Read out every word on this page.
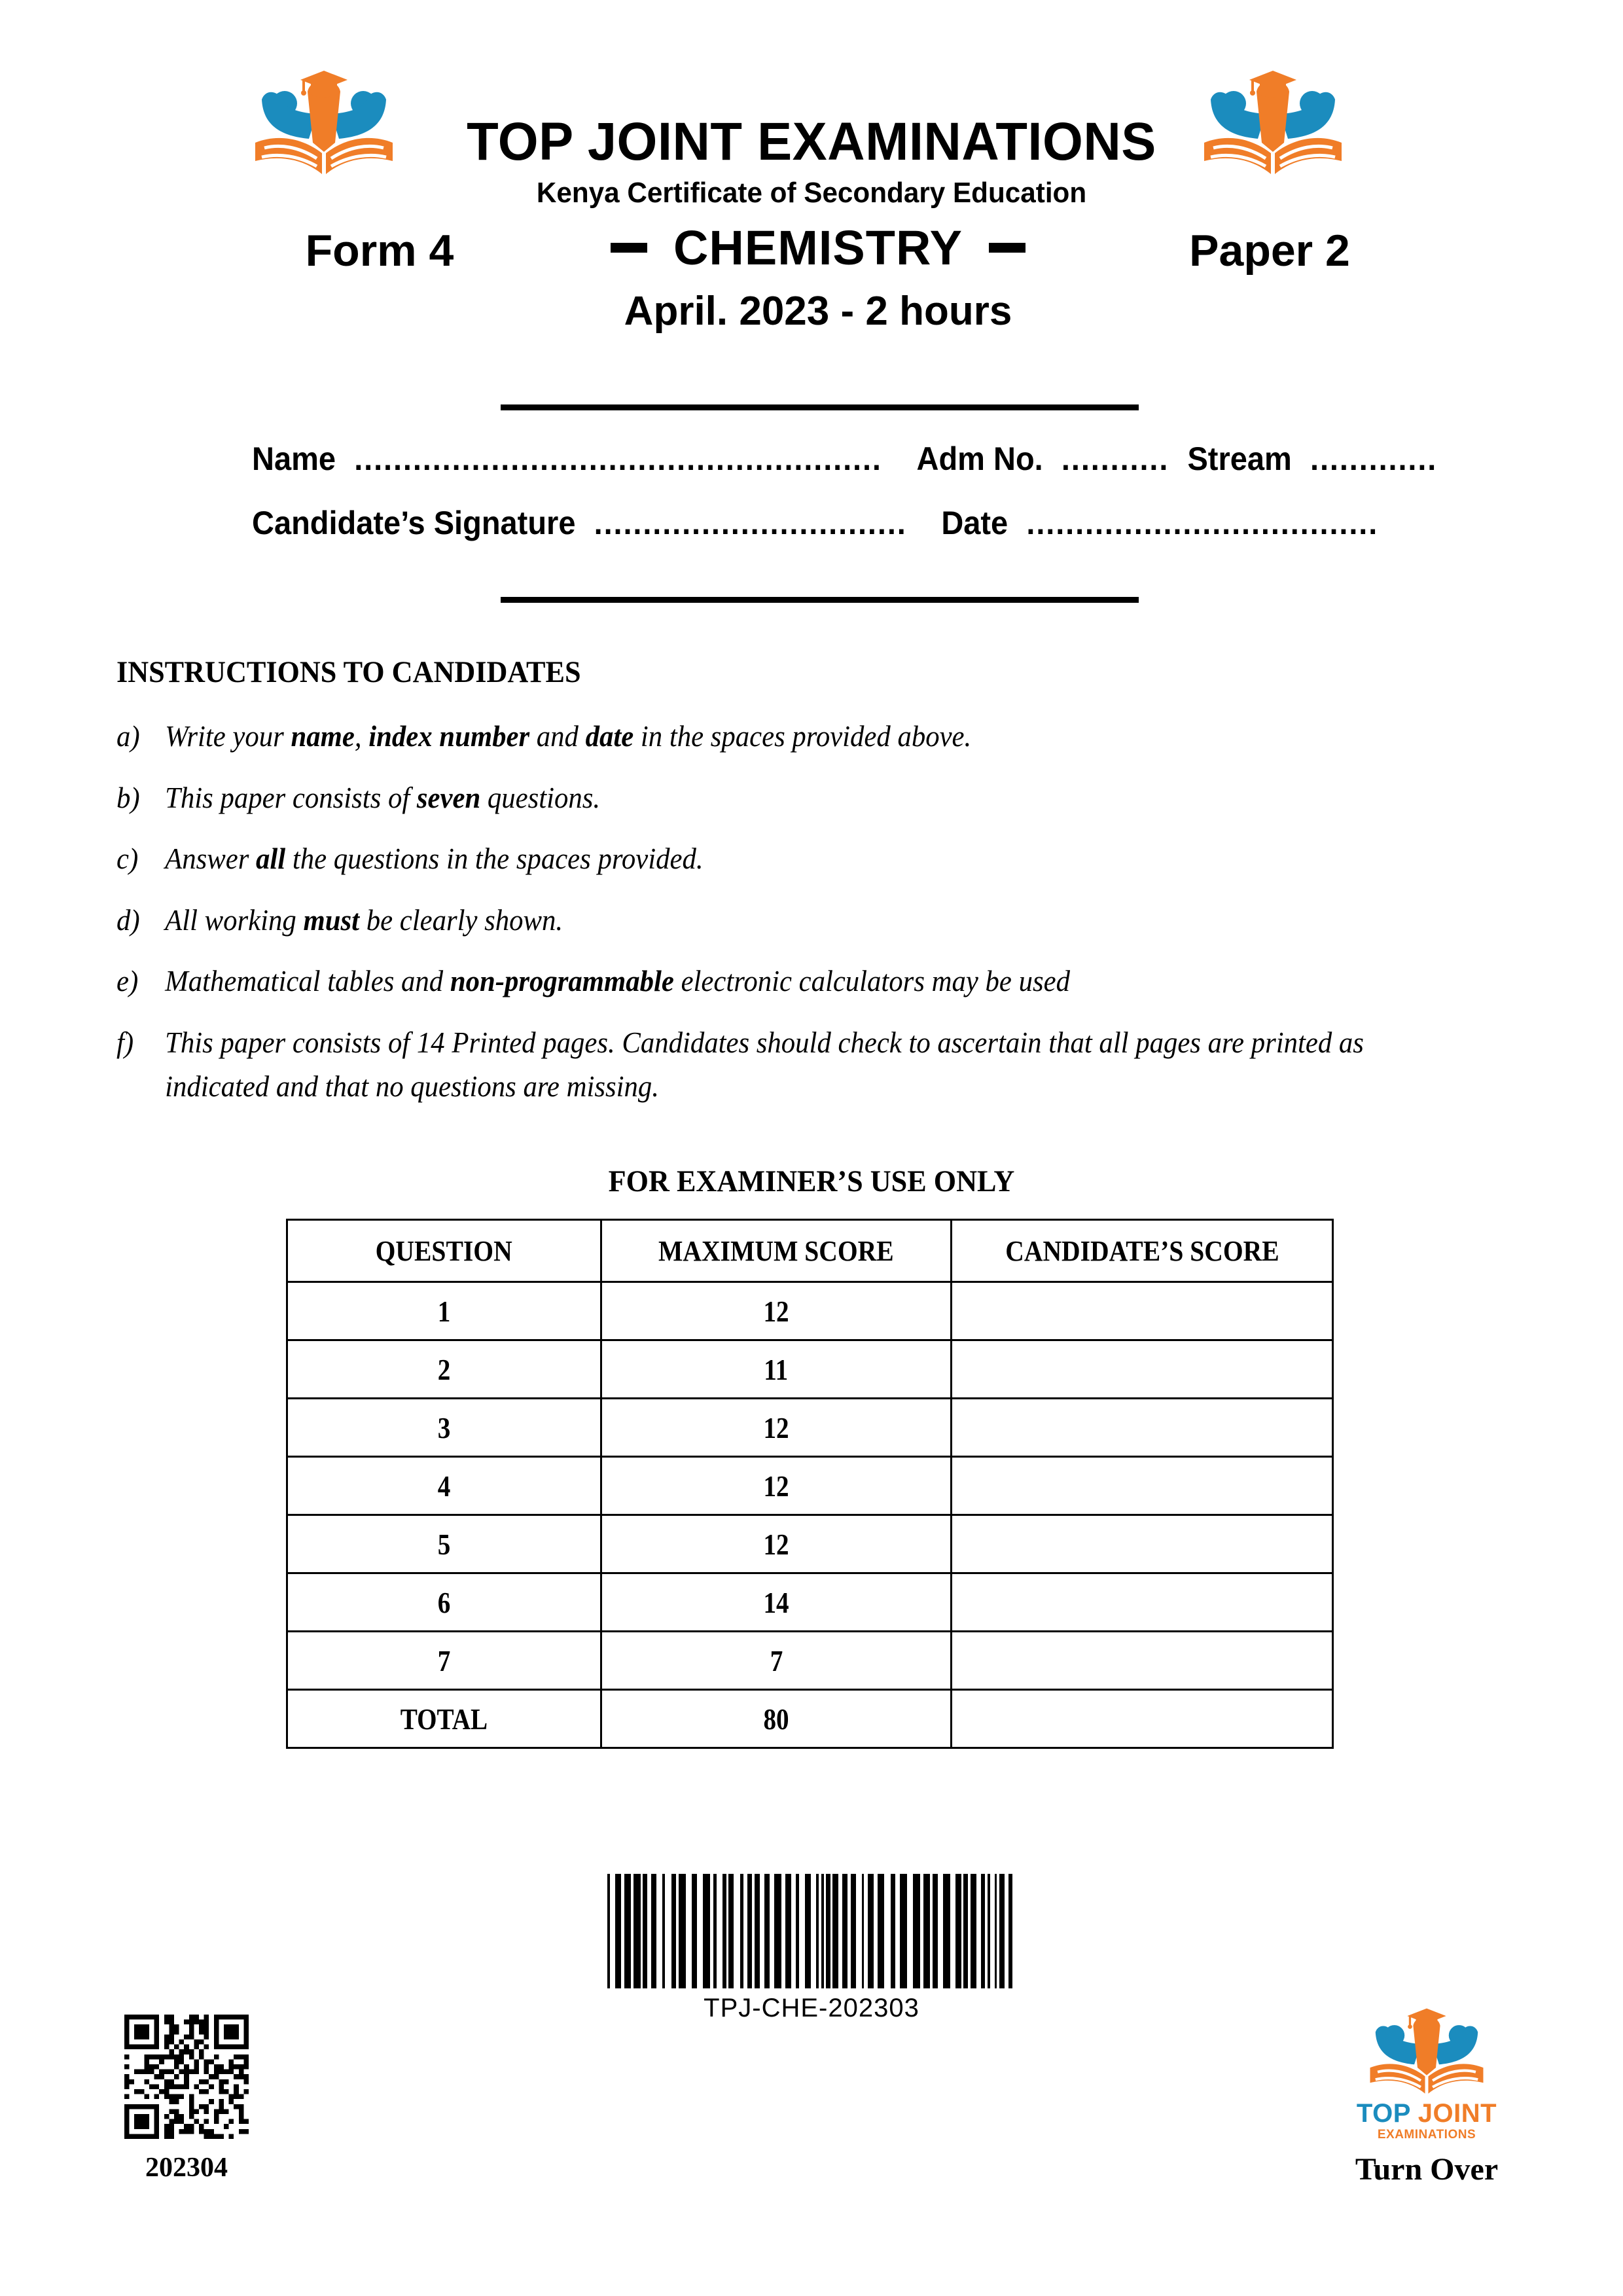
TOP JOINT EXAMINATIONS
Kenya Certificate of Secondary Education
Form 4	CHEMISTRY
April. 2023 - 2 hours
Paper 2
Name ...................................................... Adm No. ........... Stream .............
Candidate’s Signature ................................ Date ....................................
INSTRUCTIONS TO CANDIDATES
a) Write your name, index number and date in the spaces provided above.
b) This paper consists of seven questions.
c) Answer all the questions in the spaces provided.
d) All working must be clearly shown.
e) Mathematical tables and non-programmable electronic calculators may be used
f)	This paper consists of 14 Printed pages. Candidates should check to ascertain that all pages are printed as indicated and that no questions are missing.
FOR EXAMINER’S USE ONLY
QUESTION	MAXIMUM SCORE	CANDIDATE’S SCORE
1	12	
2	11	
3	12	
4	12	
5	12	
6	14	
7	7	
TOTAL	80	
TPJ-CHE-202303
202304
TOP JOINT
EXAMINATIONS
Turn Over
